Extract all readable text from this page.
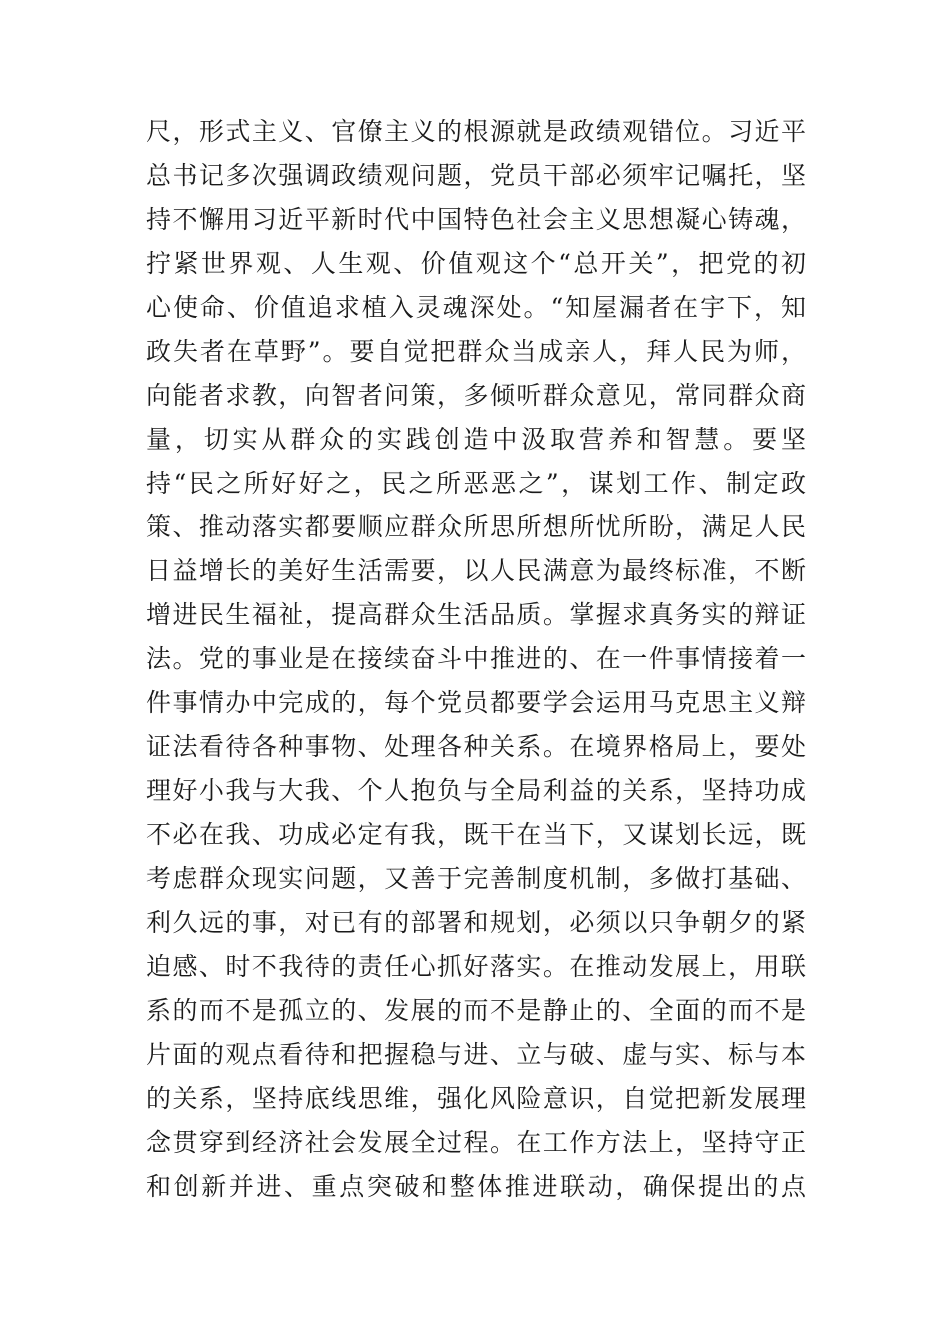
尺，形式主义、官僚主义的根源就是政绩观错位。习近平
总书记多次强调政绩观问题，党员干部必须牢记嘱托，坚
持不懈用习近平新时代中国特色社会主义思想凝心铸魂，
拧紧世界观、人生观、价值观这个“总开关”，把党的初
心使命、价值追求植入灵魂深处。“知屋漏者在宇下，知
政失者在草野”。要自觉把群众当成亲人，拜人民为师，
向能者求教，向智者问策，多倾听群众意见，常同群众商
量，切实从群众的实践创造中汲取营养和智慧。要坚
持“民之所好好之，民之所恶恶之”，谋划工作、制定政
策、推动落实都要顺应群众所思所想所忧所盼，满足人民
日益增长的美好生活需要，以人民满意为最终标准，不断
增进民生福祉，提高群众生活品质。掌握求真务实的辩证
法。党的事业是在接续奋斗中推进的、在一件事情接着一
件事情办中完成的，每个党员都要学会运用马克思主义辩
证法看待各种事物、处理各种关系。在境界格局上，要处
理好小我与大我、个人抱负与全局利益的关系，坚持功成
不必在我、功成必定有我，既干在当下，又谋划长远，既
考虑群众现实问题，又善于完善制度机制，多做打基础、
利久远的事，对已有的部署和规划，必须以只争朝夕的紧
迫感、时不我待的责任心抓好落实。在推动发展上，用联
系的而不是孤立的、发展的而不是静止的、全面的而不是
片面的观点看待和把握稳与进、立与破、虚与实、标与本
的关系，坚持底线思维，强化风险意识，自觉把新发展理
念贯穿到经济社会发展全过程。在工作方法上，坚持守正
和创新并进、重点突破和整体推进联动，确保提出的点
